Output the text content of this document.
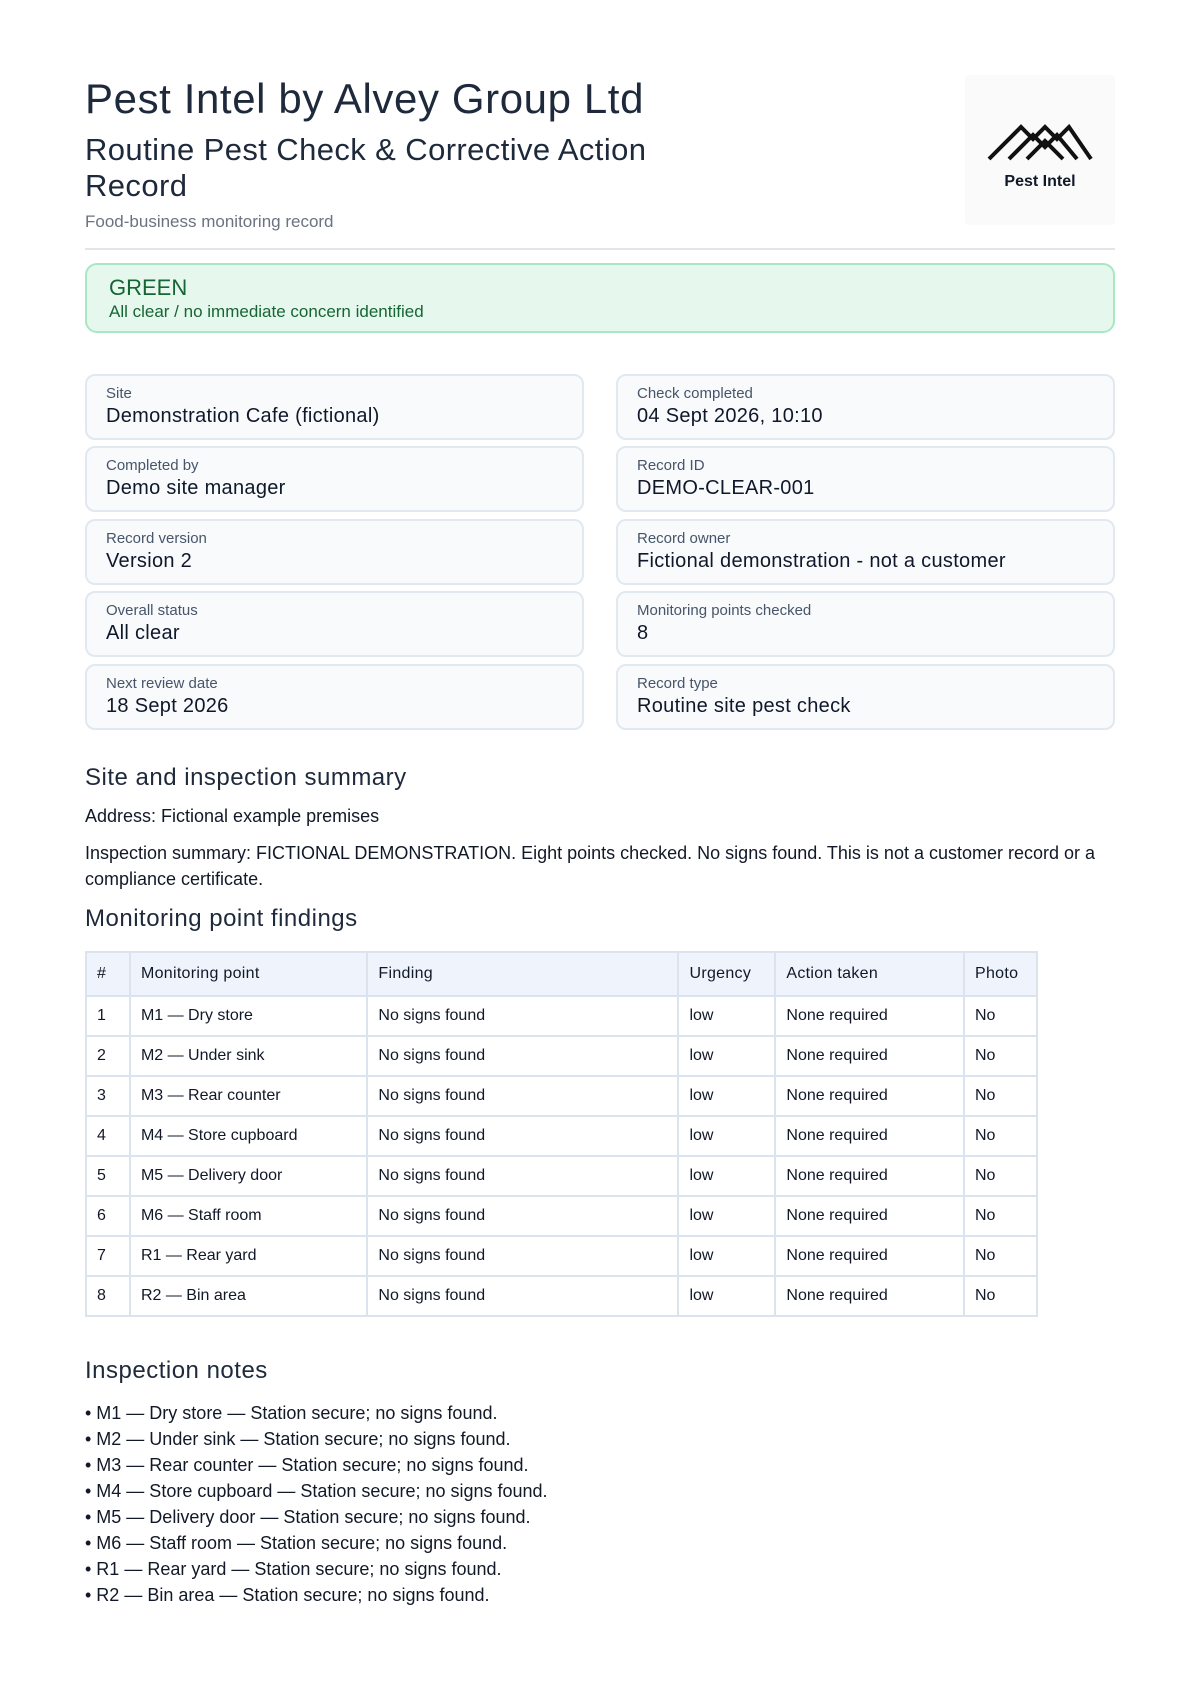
Pest Intel by Alvey Group Ltd
Routine Pest Check & Corrective Action Record
Food-business monitoring record
Pest Intel
GREEN
All clear / no immediate concern identified
Site
Demonstration Cafe (fictional)
Check completed
04 Sept 2026, 10:10
Completed by
Demo site manager
Record ID
DEMO-CLEAR-001
Record version
Version 2
Record owner
Fictional demonstration - not a customer
Overall status
All clear
Monitoring points checked
8
Next review date
18 Sept 2026
Record type
Routine site pest check
Site and inspection summary

Address: Fictional example premises

Inspection summary: FICTIONAL DEMONSTRATION. Eight points checked. No signs found. This is not a customer record or a compliance certificate.

Monitoring point findings
#	Monitoring point	Finding	Urgency	Action taken	Photo
1	M1 — Dry store	No signs found	low	None required	No
2	M2 — Under sink	No signs found	low	None required	No
3	M3 — Rear counter	No signs found	low	None required	No
4	M4 — Store cupboard	No signs found	low	None required	No
5	M5 — Delivery door	No signs found	low	None required	No
6	M6 — Staff room	No signs found	low	None required	No
7	R1 — Rear yard	No signs found	low	None required	No
8	R2 — Bin area	No signs found	low	None required	No
Inspection notes
• M1 — Dry store — Station secure; no signs found.
• M2 — Under sink — Station secure; no signs found.
• M3 — Rear counter — Station secure; no signs found.
• M4 — Store cupboard — Station secure; no signs found.
• M5 — Delivery door — Station secure; no signs found.
• M6 — Staff room — Station secure; no signs found.
• R1 — Rear yard — Station secure; no signs found.
• R2 — Bin area — Station secure; no signs found.
